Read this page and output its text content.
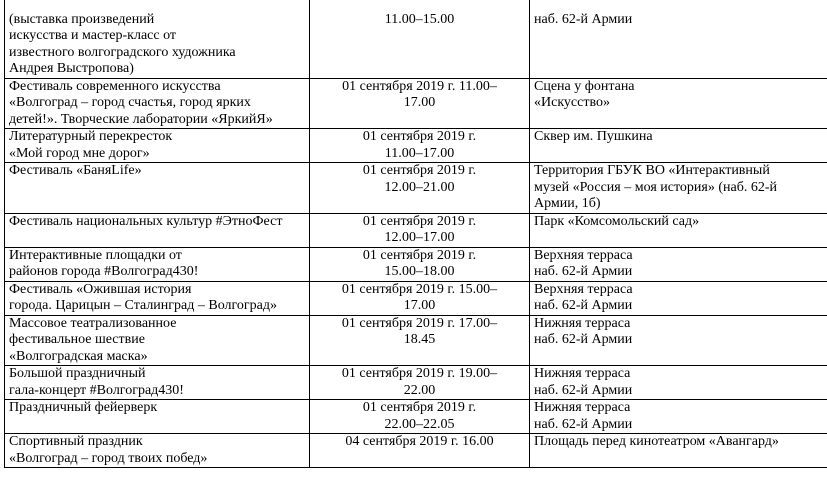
(выставка произведений
искусства и мастер-класс от
известного волгоградского художника
Андрея Выстропова)	11.00–15.00	наб. 62-й Армии

Фестиваль современного искусства
«Волгоград – город счастья, город ярких
детей!». Творческие лаборатории «ЯркийЯ»	01 сентября 2019 г. 11.00–
17.00	Сцена у фонтана
«Искусство»

Литературный перекресток
«Мой город мне дорог»	01 сентября 2019 г.
11.00–17.00	Сквер им. Пушкина

Фестиваль «БаняLife»	01 сентября 2019 г.
12.00–21.00	Территория ГБУК ВО «Интерактивный
музей «Россия – моя история» (наб. 62-й
Армии, 1б)

Фестиваль национальных культур #ЭтноФест	01 сентября 2019 г.
12.00–17.00	Парк «Комсомольский сад»

Интерактивные площадки от
районов города #Волгоград430!	01 сентября 2019 г.
15.00–18.00	Верхняя терраса
наб. 62-й Армии

Фестиваль «Ожившая история
города. Царицын – Сталинград – Волгоград»	01 сентября 2019 г. 15.00–
17.00	Верхняя терраса
наб. 62-й Армии

Массовое театрализованное
фестивальное шествие
«Волгоградская маска»	01 сентября 2019 г. 17.00–
18.45	Нижняя терраса
наб. 62-й Армии

Большой праздничный
гала-концерт #Волгоград430!	01 сентября 2019 г. 19.00–
22.00	Нижняя терраса
наб. 62-й Армии

Праздничный фейерверк	01 сентября 2019 г.
22.00–22.05	Нижняя терраса
наб. 62-й Армии

Спортивный праздник
«Волгоград – город твоих побед»	04 сентября 2019 г. 16.00	Площадь перед кинотеатром «Авангард»
